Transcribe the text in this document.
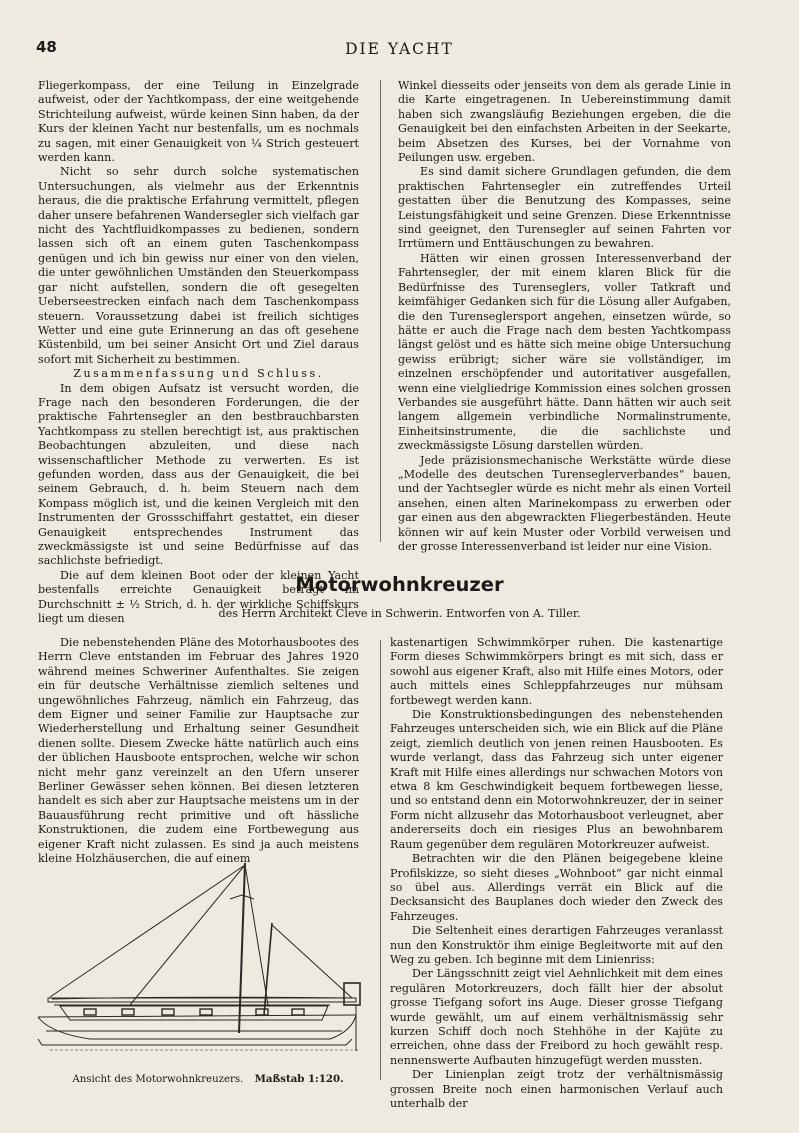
48	DIE YACHT

Fliegerkompass, der eine Teilung in Einzelgrade aufweist, oder der Yachtkompass, der eine weitgehende Strichteilung aufweist, würde keinen Sinn haben, da der Kurs der kleinen Yacht nur bestenfalls, um es nochmals zu sagen, mit einer Genauigkeit von ¼ Strich gesteuert werden kann.

Nicht so sehr durch solche systematischen Untersuchungen, als vielmehr aus der Erkenntnis heraus, die die praktische Erfahrung vermittelt, pflegen daher unsere befahrenen Wandersegler sich vielfach gar nicht des Yachtfluidkompasses zu bedienen, sondern lassen sich oft an einem guten Taschenkompass genügen und ich bin gewiss nur einer von den vielen, die unter gewöhnlichen Umständen den Steuerkompass gar nicht aufstellen, sondern die oft gesegelten Uebersеestrecken einfach nach dem Taschenkompass steuern. Voraussetzung dabei ist freilich sichtiges Wetter und eine gute Erinnerung an das oft gesehene Küstenbild, um bei seiner Ansicht Ort und Ziel daraus sofort mit Sicherheit zu bestimmen.

Zusammenfassung und Schluss.

In dem obigen Aufsatz ist versucht worden, die Frage nach den besonderen Forderungen, die der praktische Fahrtensegler an den bestbrauchbarsten Yachtkompass zu stellen berechtigt ist, aus praktischen Beobachtungen abzuleiten, und diese nach wissenschaftlicher Methode zu verwerten. Es ist gefunden worden, dass aus der Genauigkeit, die bei seinem Gebrauch, d. h. beim Steuern nach dem Kompass möglich ist, und die keinen Vergleich mit den Instrumenten der Grossschiffahrt gestattet, ein dieser Genauigkeit entsprechendes Instrument das zweckmässigste ist und seine Bedürfnisse auf das sachlichste befriedigt.

Die auf dem kleinen Boot oder der kleinen Yacht bestenfalls erreichte Genauigkeit beträgt im Durchschnitt ± ½ Strich, d. h. der wirkliche Schiffskurs liegt um diesen

Winkel diesseits oder jenseits von dem als gerade Linie in die Karte eingetragenen. In Uebereinstimmung damit haben sich zwangsläufig Beziehungen ergeben, die die Genauigkeit bei den einfachsten Arbeiten in der Seekarte, beim Absetzen des Kurses, bei der Vornahme von Peilungen usw. ergeben.

Es sind damit sichere Grundlagen gefunden, die dem praktischen Fahrtensegler ein zutreffendes Urteil gestatten über die Benutzung des Kompasses, seine Leistungsfähigkeit und seine Grenzen. Diese Erkenntnisse sind geeignet, den Turensegler auf seinen Fahrten vor Irrtümern und Enttäuschungen zu bewahren.

Hätten wir einen grossen Interessenverband der Fahrtensegler, der mit einem klaren Blick für die Bedürfnisse des Turenseglers, voller Tatkraft und keimfähiger Gedanken sich für die Lösung aller Aufgaben, die den Turensеglersport angehen, einsetzen würde, so hätte er auch die Frage nach dem besten Yachtkompass längst gelöst und es hätte sich meine obige Untersuchung gewiss erübrigt; sicher wäre sie vollständiger, im einzelnen erschöpfender und autoritativer ausgefallen, wenn eine vielgliedrige Kommission eines solchen grossen Verbandes sie ausgeführt hätte. Dann hätten wir auch seit langem allgemein verbindliche Normalinstrumente, Einheitsinstrumente, die die sachlichste und zweckmässigste Lösung darstellen würden.

Jede präzisionsmechanische Werkstätte würde diese „Modelle des deutschen Turenseglerverbandes“ bauen, und der Yachtsegler würde es nicht mehr als einen Vorteil ansehen, einen alten Marinekompass zu erwerben oder gar einen aus den abgewrackten Fliegerbeständen. Heute können wir auf kein Muster oder Vorbild verweisen und der grosse Interessenverband ist leider nur eine Vision.

Motorwohnkreuzer
des Herrn Architekt Cleve in Schwerin. Entworfen von A. Tiller.

Die nebenstehenden Pläne des Motorhausbootes des Herrn Cleve entstanden im Februar des Jahres 1920 während meines Schweriner Aufenthaltes. Sie zeigen ein für deutsche Verhältnisse ziemlich seltenes und ungewöhnliches Fahrzeug, nämlich ein Fahrzeug, das dem Eigner und seiner Familie zur Hauptsache zur Wiederherstellung und Erhaltung seiner Gesundheit dienen sollte. Diesem Zwecke hätte natürlich auch eins der üblichen Hausboote entsprochen, welche wir schon nicht mehr ganz vereinzelt an den Ufern unserer Berliner Gewässer sehen können. Bei diesen letzteren handelt es sich aber zur Hauptsache meistens um in der Bauausführung recht primitive und oft hässliche Konstruktionen, die zudem eine Fortbewegung aus eigener Kraft nicht zulassen. Es sind ja auch meistens kleine Holzhäuserchen, die auf einem

kastenartigen Schwimmkörper ruhen. Die kastenartige Form dieses Schwimmkörpers bringt es mit sich, dass er sowohl aus eigener Kraft, also mit Hilfe eines Motors, oder auch mittels eines Schleppfahrzeuges nur mühsam fortbewegt werden kann.

Die Konstruktionsbedingungen des nebenstehenden Fahrzeuges unterscheiden sich, wie ein Blick auf die Pläne zeigt, ziemlich deutlich von jenen reinen Hausbooten. Es wurde verlangt, dass das Fahrzeug sich unter eigener Kraft mit Hilfe eines allerdings nur schwachen Motors von etwa 8 km Geschwindigkeit bequem fortbewegen liesse, und so entstand denn ein Motorwohnkreuzer, der in seiner Form nicht allzusehr das Motorhausboot verleugnet, aber andererseits doch ein riesiges Plus an bewohnbarem Raum gegenüber dem regulären Motorkreuzer aufweist.

Betrachten wir die den Plänen beigegebene kleine Profilskizze, so sieht dieses „Wohnboot“ gar nicht einmal so übel aus. Allerdings verrät ein Blick auf die Decksansicht des Bauplanes doch wieder den Zweck des Fahrzeuges.

Die Seltenheit eines derartigen Fahrzeuges veranlasst nun den Konstruktör ihm einige Begleitworte mit auf den Weg zu geben. Ich beginne mit dem Linienriss:

Der Längsschnitt zeigt viel Aehnlichkeit mit dem eines regulären Motorkreuzers, doch fällt hier der absolut grosse Tiefgang sofort ins Auge. Dieser grosse Tiefgang wurde gewählt, um auf einem verhältnismässig sehr kurzen Schiff doch noch Stehhöhe in der Kajüte zu erreichen, ohne dass der Freibord zu hoch gewählt resp. nennenswerte Aufbauten hinzugefügt werden mussten.

Der Linienplan zeigt trotz der verhältnismässig grossen Breite noch einen harmonischen Verlauf auch unterhalb der

Ansicht des Motorwohnkreuzers. Maßstab 1:120.
